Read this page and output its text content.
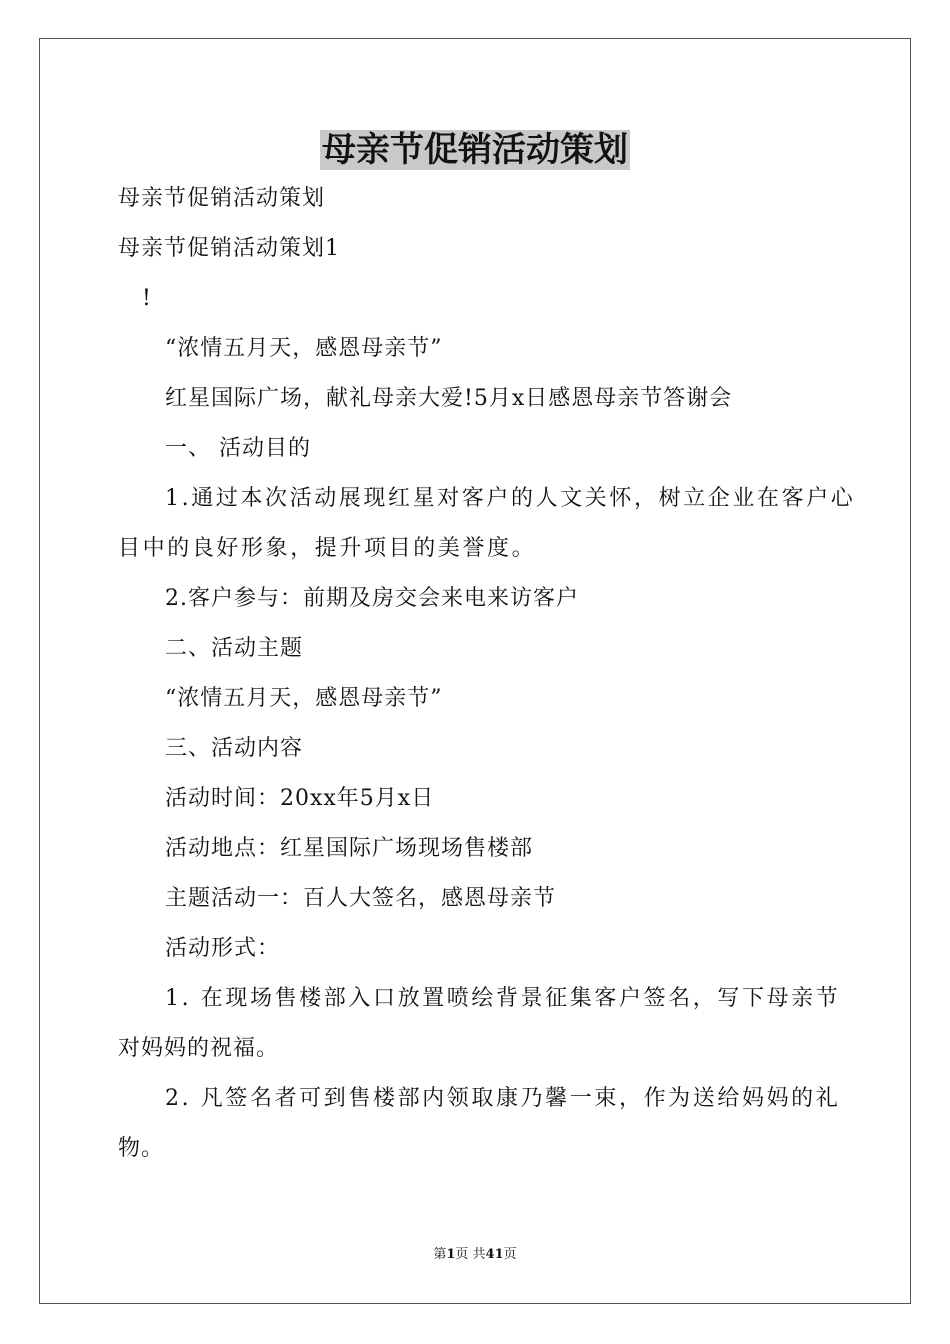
母亲节促销活动策划
母亲节促销活动策划
母亲节促销活动策划1
!
“浓情五月天，感恩母亲节”
红星国际广场，献礼母亲大爱!5月x日感恩母亲节答谢会
一、 活动目的
1.通过本次活动展现红星对客户的人文关怀，树立企业在客户心
目中的良好形象，提升项目的美誉度。
2.客户参与：前期及房交会来电来访客户
二、活动主题
“浓情五月天，感恩母亲节”
三、活动内容
活动时间：20xx年5月x日
活动地点：红星国际广场现场售楼部
主题活动一：百人大签名，感恩母亲节
活动形式：
1. 在现场售楼部入口放置喷绘背景征集客户签名，写下母亲节
对妈妈的祝福。
2. 凡签名者可到售楼部内领取康乃馨一束，作为送给妈妈的礼
物。
第1页 共41页
